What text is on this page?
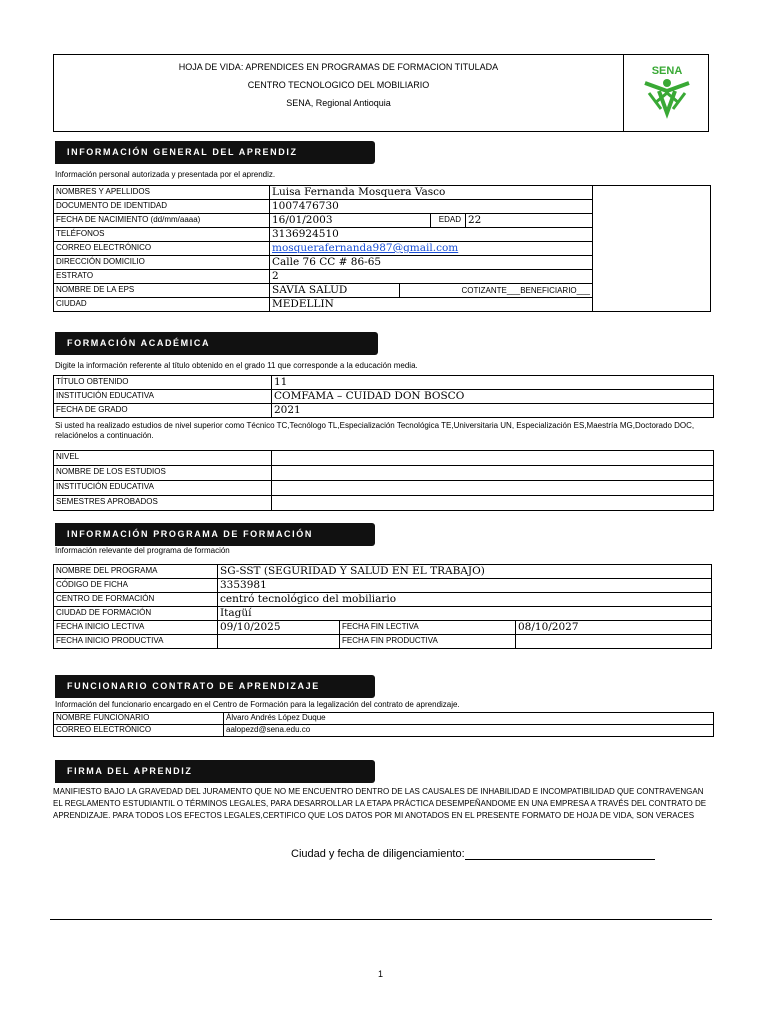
HOJA DE VIDA: APRENDICES EN PROGRAMAS DE FORMACION TITULADA
CENTRO TECNOLOGICO DEL MOBILIARIO
SENA, Regional Antioquia
SENA
INFORMACIÓN GENERAL DEL APRENDIZ
Información personal autorizada y presentada por el aprendiz.
NOMBRES Y APELLIDOS	Luisa Fernanda Mosquera Vasco				
DOCUMENTO DE IDENTIDAD	1007476730				
FECHA DE NACIMIENTO (dd/mm/aaaa)	16/01/2003		EDAD	22	
TELÉFONOS	3136924510				
CORREO ELECTRÓNICO	mosquerafernanda987@gmail.com				
DIRECCIÓN DOMICILIO	Calle 76 CC # 86-65				
ESTRATO	2				
NOMBRE DE LA EPS	SAVIA SALUD	COTIZANTE___BENEFICIARIO___			
CIUDAD	MEDELLIN				
FORMACIÓN ACADÉMICA
Digite la información referente al título obtenido en el grado 11 que corresponde a la educación media.
TÍTULO OBTENIDO	11
INSTITUCIÓN EDUCATIVA	COMFAMA – CUIDAD DON BOSCO
FECHA DE GRADO	2021
Si usted ha realizado estudios de nivel superior como Técnico TC,Tecnólogo TL,Especialización Tecnológica TE,Universitaria UN, Especialización ES,Maestría MG,Doctorado DOC, relaciónelos a continuación.
NIVEL	
NOMBRE DE LOS ESTUDIOS	
INSTITUCIÓN EDUCATIVA	
SEMESTRES APROBADOS	
INFORMACIÓN PROGRAMA DE FORMACIÓN
Información relevante del programa de formación
NOMBRE DEL PROGRAMA	SG-SST (SEGURIDAD Y SALUD EN EL TRABAJO)		
CÓDIGO DE FICHA	3353981		
CENTRO DE FORMACIÓN	centró tecnológico del mobiliario		
CIUDAD DE FORMACIÓN	Itagüí		
FECHA INICIO LECTIVA	09/10/2025	FECHA FIN LECTIVA	08/10/2027
FECHA INICIO PRODUCTIVA		FECHA FIN PRODUCTIVA	
FUNCIONARIO CONTRATO DE APRENDIZAJE
Información del funcionario encargado en el Centro de Formación para la legalización del contrato de aprendizaje.
NOMBRE FUNCIONARIO	Álvaro Andrés López Duque
CORREO ELECTRÓNICO	aalopezd@sena.edu.co
FIRMA DEL APRENDIZ
MANIFIESTO BAJO LA GRAVEDAD DEL JURAMENTO QUE NO ME ENCUENTRO DENTRO DE LAS CAUSALES DE INHABILIDAD E INCOMPATIBILIDAD QUE CONTRAVENGAN EL REGLAMENTO ESTUDIANTIL O TÉRMINOS LEGALES, PARA DESARROLLAR LA ETAPA PRÁCTICA DESEMPEÑANDOME EN UNA EMPRESA A TRAVÉS DEL CONTRATO DE APRENDIZAJE. PARA TODOS LOS EFECTOS LEGALES,CERTIFICO QUE LOS DATOS POR MI ANOTADOS EN EL PRESENTE FORMATO DE HOJA DE VIDA, SON VERACES
Ciudad y fecha de diligenciamiento:
1
